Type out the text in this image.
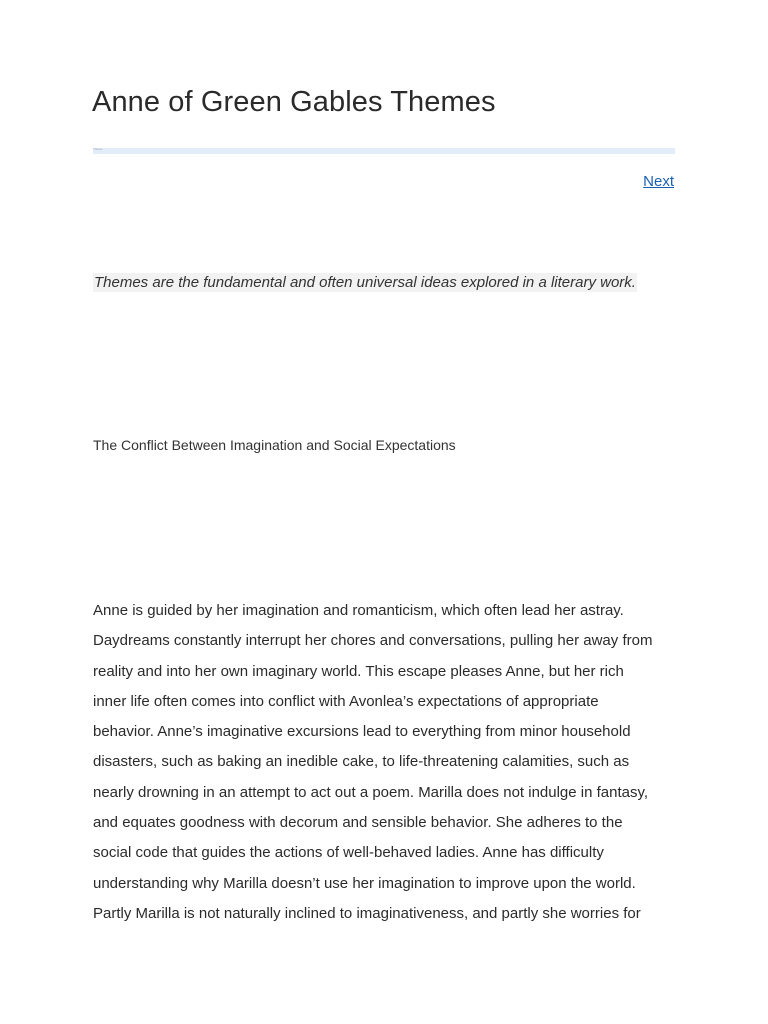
Anne of Green Gables Themes
Theme
Next

Themes are the fundamental and often universal ideas explored in a literary work.

The Conflict Between Imagination and Social Expectations
Anne is guided by her imagination and romanticism, which often lead her astray.
Daydreams constantly interrupt her chores and conversations, pulling her away from
reality and into her own imaginary world. This escape pleases Anne, but her rich
inner life often comes into conflict with Avonlea’s expectations of appropriate
behavior. Anne’s imaginative excursions lead to everything from minor household
disasters, such as baking an inedible cake, to life-threatening calamities, such as
nearly drowning in an attempt to act out a poem. Marilla does not indulge in fantasy,
and equates goodness with decorum and sensible behavior. She adheres to the
social code that guides the actions of well-behaved ladies. Anne has difficulty
understanding why Marilla doesn’t use her imagination to improve upon the world.
Partly Marilla is not naturally inclined to imaginativeness, and partly she worries for
